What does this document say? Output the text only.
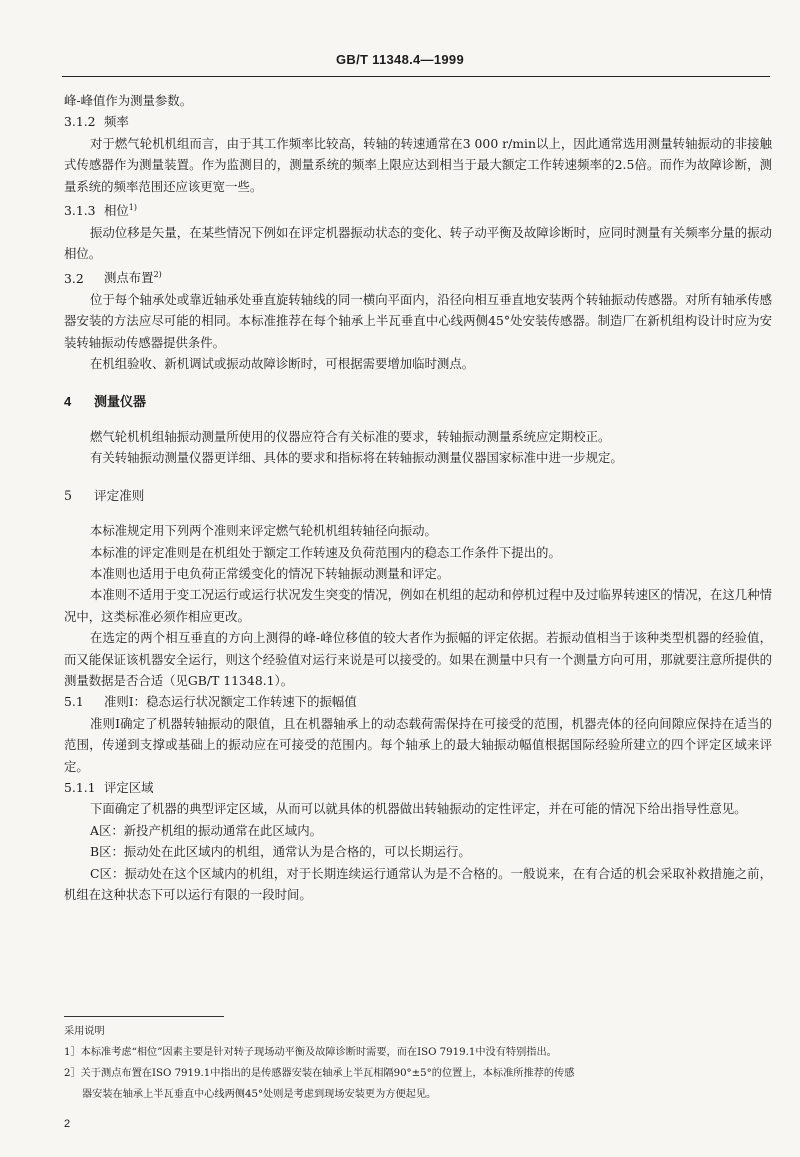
GB/T 11348.4—1999

峰-峰值作为测量参数。

3.1.2 频率

对于燃气轮机机组而言，由于其工作频率比较高，转轴的转速通常在3 000 r/min以上，因此通常选用测量转轴振动的非接触式传感器作为测量装置。作为监测目的，测量系统的频率上限应达到相当于最大额定工作转速频率的2.5倍。而作为故障诊断，测量系统的频率范围还应该更宽一些。

3.1.3 相位$^{1)}$

振动位移是矢量，在某些情况下例如在评定机器振动状态的变化、转子动平衡及故障诊断时，应同时测量有关频率分量的振动相位。

3.2 测点布置$^{2)}$

位于每个轴承处或靠近轴承处垂直旋转轴线的同一横向平面内，沿径向相互垂直地安装两个转轴振动传感器。对所有轴承传感器安装的方法应尽可能的相同。本标准推荐在每个轴承上半瓦垂直中心线两侧45°处安装传感器。制造厂在新机组构设计时应为安装转轴振动传感器提供条件。

在机组验收、新机调试或振动故障诊断时，可根据需要增加临时测点。

4 测量仪器

燃气轮机机组轴振动测量所使用的仪器应符合有关标准的要求，转轴振动测量系统应定期校正。

有关转轴振动测量仪器更详细、具体的要求和指标将在转轴振动测量仪器国家标准中进一步规定。

5 评定准则

本标准规定用下列两个准则来评定燃气轮机机组转轴径向振动。

本标准的评定准则是在机组处于额定工作转速及负荷范围内的稳态工作条件下提出的。

本准则也适用于电负荷正常缓变化的情况下转轴振动测量和评定。

本准则不适用于变工况运行或运行状况发生突变的情况，例如在机组的起动和停机过程中及过临界转速区的情况，在这几种情况中，这类标准必须作相应更改。

在选定的两个相互垂直的方向上测得的峰-峰位移值的较大者作为振幅的评定依据。若振动值相当于该种类型机器的经验值，而又能保证该机器安全运行，则这个经验值对运行来说是可以接受的。如果在测量中只有一个测量方向可用，那就要注意所提供的测量数据是否合适（见GB/T 11348.1）。

5.1 准则Ⅰ：稳态运行状况额定工作转速下的振幅值

准则Ⅰ确定了机器转轴振动的限值，且在机器轴承上的动态载荷需保持在可接受的范围，机器壳体的径向间隙应保持在适当的范围，传递到支撑或基础上的振动应在可接受的范围内。每个轴承上的最大轴振动幅值根据国际经验所建立的四个评定区域来评定。

5.1.1 评定区域

下面确定了机器的典型评定区域，从而可以就具体的机器做出转轴振动的定性评定，并在可能的情况下给出指导性意见。

A区：新投产机组的振动通常在此区域内。

B区：振动处在此区域内的机组，通常认为是合格的，可以长期运行。

C区：振动处在这个区域内的机组，对于长期连续运行通常认为是不合格的。一般说来，在有合适的机会采取补救措施之前，机组在这种状态下可以运行有限的一段时间。

采用说明

1］本标准考虑“相位”因素主要是针对转子现场动平衡及故障诊断时需要，而在ISO 7919.1中没有特别指出。

2］关于测点布置在ISO 7919.1中指出的是传感器安装在轴承上半瓦相隔90°±5°的位置上，本标准所推荐的传感

器安装在轴承上半瓦垂直中心线两侧45°处则是考虑到现场安装更为方便起见。

2
